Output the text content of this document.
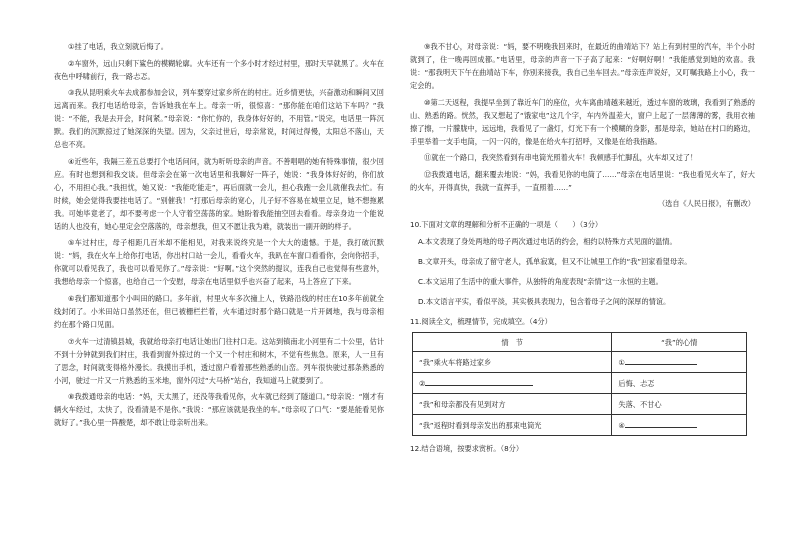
①挂了电话，我立刻就后悔了。

②车窗外，远山只剩下鲨色的模糊轮廓。火车还有一个多小时才经过村里，那时天早就黑了。火车在夜色中呼啸前行，我一路忐忑。

③我从昆明乘火车去成都参加会议，列车要穿过家乡所在的村庄。近乡情更怯，兴奋激动和瞬间又回远离而来。我打电话给母亲，告诉她我在车上。母亲一听，很惊喜：“那你能在咱们这站下车吗？”我说：“不能，我是去开会，时间紧。”母亲说：“你忙你的，我身体好好的，不用管。”说完，电话里一阵沉默。我们的沉默掠过了她深深的失望。因为，父亲过世后，母亲常说，时间过得慢，太阳总不落山，天总也不亮。

④近些年，我隔三差五总要打个电话问问，就为听听母亲的声音。不善唱唱的她有特殊事情，很少回应。有时也想到和我交谈。但母亲会在第一次电话里和我聊好一阵子，她说：“我身体好好的，你们放心，不用担心我。”我担忧，她又说：“我能吃能走”，再后面就一会儿，担心我跑一会儿就催我去忙。有时候，她会觉得我要挂电话了。“别催我！”打那后母亲的宽心，儿子好不容易在城里立足，她不想拖累我。可她毕竟老了，却不要考虑一个人守着空荡荡的家。她盼着我能抽空回去看看。母亲身边一个能说话的人也没有，她心里定会空落落的，母亲想我，但又不愿让我为难，就装出一副开朗的样子。

⑤车过村庄，母子相距几百米却不能相见，对我来说终究是一个大大的遗憾。于是，我打破沉默说：“妈，我在火车上给你打电话，你出村口站一会儿，看看火车，我趴在车窗口看看你，会向你招手，你就可以看见我了，我也可以看见你了。”母亲说：“好啊。”这个突然的提议，连我自己也觉得有些意外，我想给母亲一个惊喜，也给自己一个安慰，母亲在电话里似乎也兴奋了起来，马上答应了下来。

⑥我们都知道那个小叫田的路口。多年前，村里火车多次撞上人，铁路沿线的村庄在10多年前就全线封闭了。小米田站口虽然还在，但已被栅栏拦着，火车通过时那个路口就是一片开阔地，我与母亲相约在那个路口见面。

⑦火车一过清镇县城，我就给母亲打电话让她出门往村口走。这站到镇南北小河里有二十公里，估计不到十分钟就到我们村庄，我看到窗外掠过的一个又一个村庄和树木，不觉有些焦急。原来，人一旦有了思念，时间就变得格外漫长。我摸出手机，透过窗户看着那些熟悉的山峦。列车很快驶过那条熟悉的小河，驶过一片又一片熟悉的玉米地，窗外闪过“大马桥”站台，我知道马上就要到了。

⑧我拨通母亲的电话：“妈，天太黑了，还没等我看见你，火车就已经到了隧道口。”母亲说：“刚才有辆火车经过，太快了，没看清是不是你。”我说：“那应该就是我坐的车。”母亲叹了口气：“要是能看见你就好了。”我心里一阵酸楚，却不敢让母亲听出来。

⑨我不甘心，对母亲说：“妈，要不明晚我回来时，在最近的曲靖站下？站上有到村里的汽车，半个小时就到了，住一晚再回成都。”电话里，母亲的声音一下子高了起来：“好啊好啊！”我能感觉到她的欢喜。我说：“那我明天下午在曲靖站下车，你别来接我，我自己坐车回去。”母亲连声说好，又叮嘱我路上小心，我一定会的。

⑩第二天返程，我提早坐到了靠近车门的座位，火车离曲靖越来越近，透过车窗的玻璃，我看到了熟悉的山、熟悉的路。恍然，我又想起了“饿家电”这几个字，车内外温差大，窗户上起了一层薄薄的雾，我用衣袖擦了擦，一片朦胧中，远远地，我看见了一盏灯，灯光下有一个模糊的身影，那是母亲，她站在村口的路边，手里举着一支手电筒，一闪一闪的，像是在给火车打招呼，又像是在给我指路。

⑪就在一个路口，我突然看到有串电筒光照着火车！我顿感手忙脚乱，火车却又过了！

⑫我拨通电话，翻来覆去地说：“妈，我看见你的电筒了……”母亲在电话里说：“我也看见火车了，好大的火车，开得真快，我就一直挥手，一直照着……”

（选自《人民日报》，有删改）

10.下面对文章的理解和分析不正确的一项是（　　）（3分）

A.本文表现了身处两地的母子两次通过电话的约会，相约以特殊方式见面的温情。

B.文章开头，母亲成了留守老人，孤单寂寞，但又不让城里工作的“我”回家看望母亲。

C.本文运用了生活中的重大事件，从独特的角度表现“亲情”这一永恒的主题。

D.本文语言平实，看似平淡，其实极具表现力，包含着母子之间的深厚的情谊。

11.阅读全文，梳理情节，完成填空。（4分）

情　节	“我”的心情
“我”乘火车将路过家乡	①
②	后悔、忐忑
“我”和母亲都没有见到对方	失落、不甘心
“我”返程时看到母亲发出的那束电筒光	④

12.结合语境，按要求赏析。（8分）
